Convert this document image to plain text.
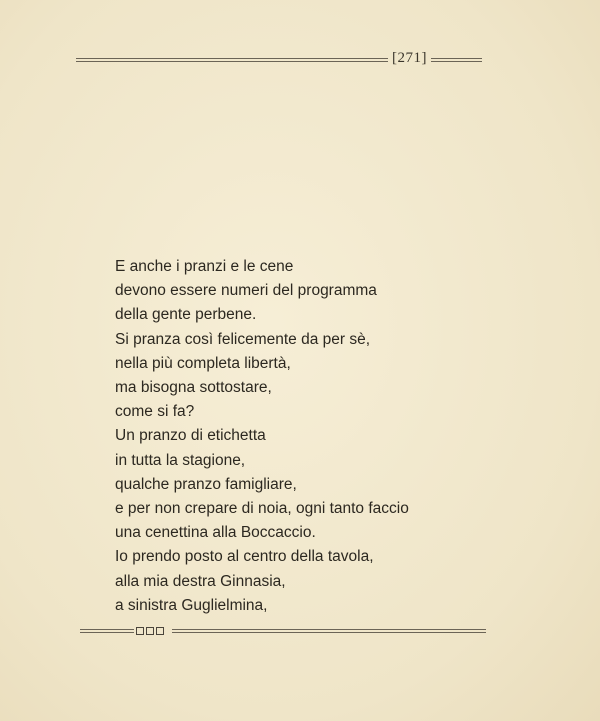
[271]
E anche i pranzi e le cene
devono essere numeri del programma
della gente perbene.
Si pranza così felicemente da per sè,
nella più completa libertà,
ma bisogna sottostare,
come si fa?
Un pranzo di etichetta
in tutta la stagione,
qualche pranzo famigliare,
e per non crepare di noia, ogni tanto faccio
una cenettina alla Boccaccio.
Io prendo posto al centro della tavola,
alla mia destra Ginnasia,
a sinistra Guglielmina,
